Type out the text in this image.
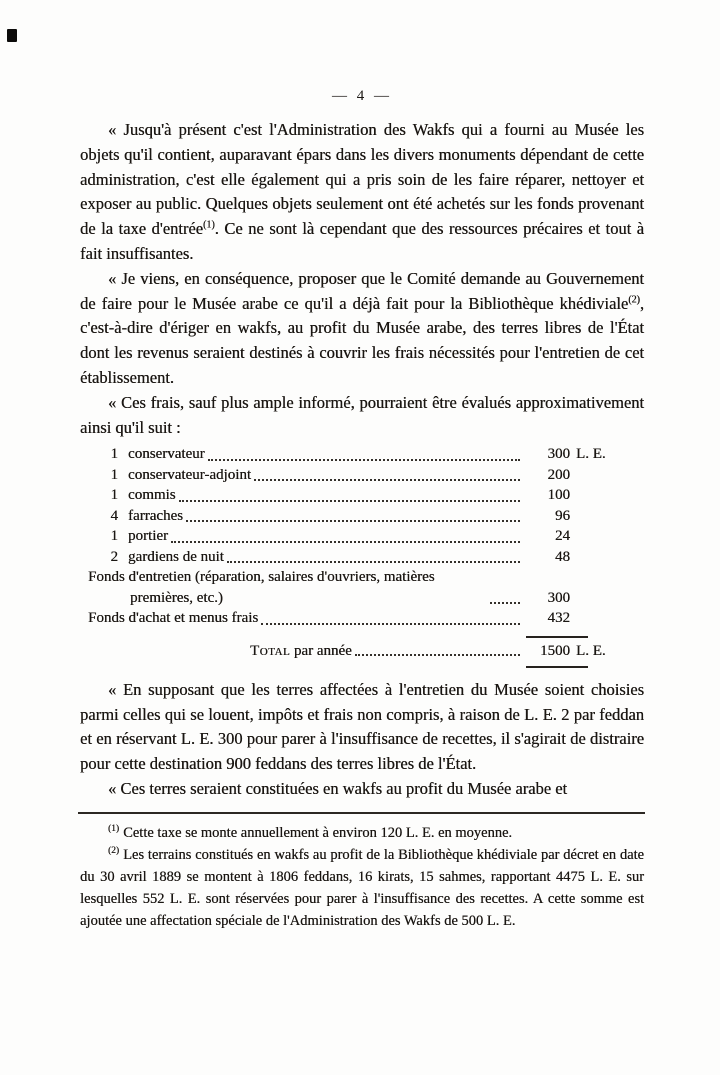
— 4 —

« Jusqu'à présent c'est l'Administration des Wakfs qui a fourni au Musée les objets qu'il contient, auparavant épars dans les divers monuments dépendant de cette administration, c'est elle également qui a pris soin de les faire réparer, nettoyer et exposer au public. Quelques objets seulement ont été achetés sur les fonds provenant de la taxe d'entrée$^{(1)}$. Ce ne sont là cependant que des ressources précaires et tout à fait insuffisantes.

« Je viens, en conséquence, proposer que le Comité demande au Gouvernement de faire pour le Musée arabe ce qu'il a déjà fait pour la Bibliothèque khédiviale$^{(2)}$, c'est-à-dire d'ériger en wakfs, au profit du Musée arabe, des terres libres de l'État dont les revenus seraient destinés à couvrir les frais nécessités pour l'entretien de cet établissement.

« Ces frais, sauf plus ample informé, pourraient être évalués approximativement ainsi qu'il suit :

1 conservateur	300 L. E.
1 conservateur-adjoint	200
1 commis	100
4 farraches	96
1 portier	24
2 gardiens de nuit	48
Fonds d'entretien (réparation, salaires d'ouvriers, matières premières, etc.)	300
Fonds d'achat et menus frais	432
Total par année	1500 L. E.

« En supposant que les terres affectées à l'entretien du Musée soient choisies parmi celles qui se louent, impôts et frais non compris, à raison de L. E. 2 par feddan et en réservant L. E. 300 pour parer à l'insuffisance de recettes, il s'agirait de distraire pour cette destination 900 feddans des terres libres de l'État.

« Ces terres seraient constituées en wakfs au profit du Musée arabe et

$^{(1)}$ Cette taxe se monte annuellement à environ 120 L. E. en moyenne.

$^{(2)}$ Les terrains constitués en wakfs au profit de la Bibliothèque khédiviale par décret en date du 30 avril 1889 se montent à 1806 feddans, 16 kirats, 15 sahmes, rapportant 4475 L. E. sur lesquelles 552 L. E. sont réservées pour parer à l'insuffisance des recettes. A cette somme est ajoutée une affectation spéciale de l'Administration des Wakfs de 500 L. E.
